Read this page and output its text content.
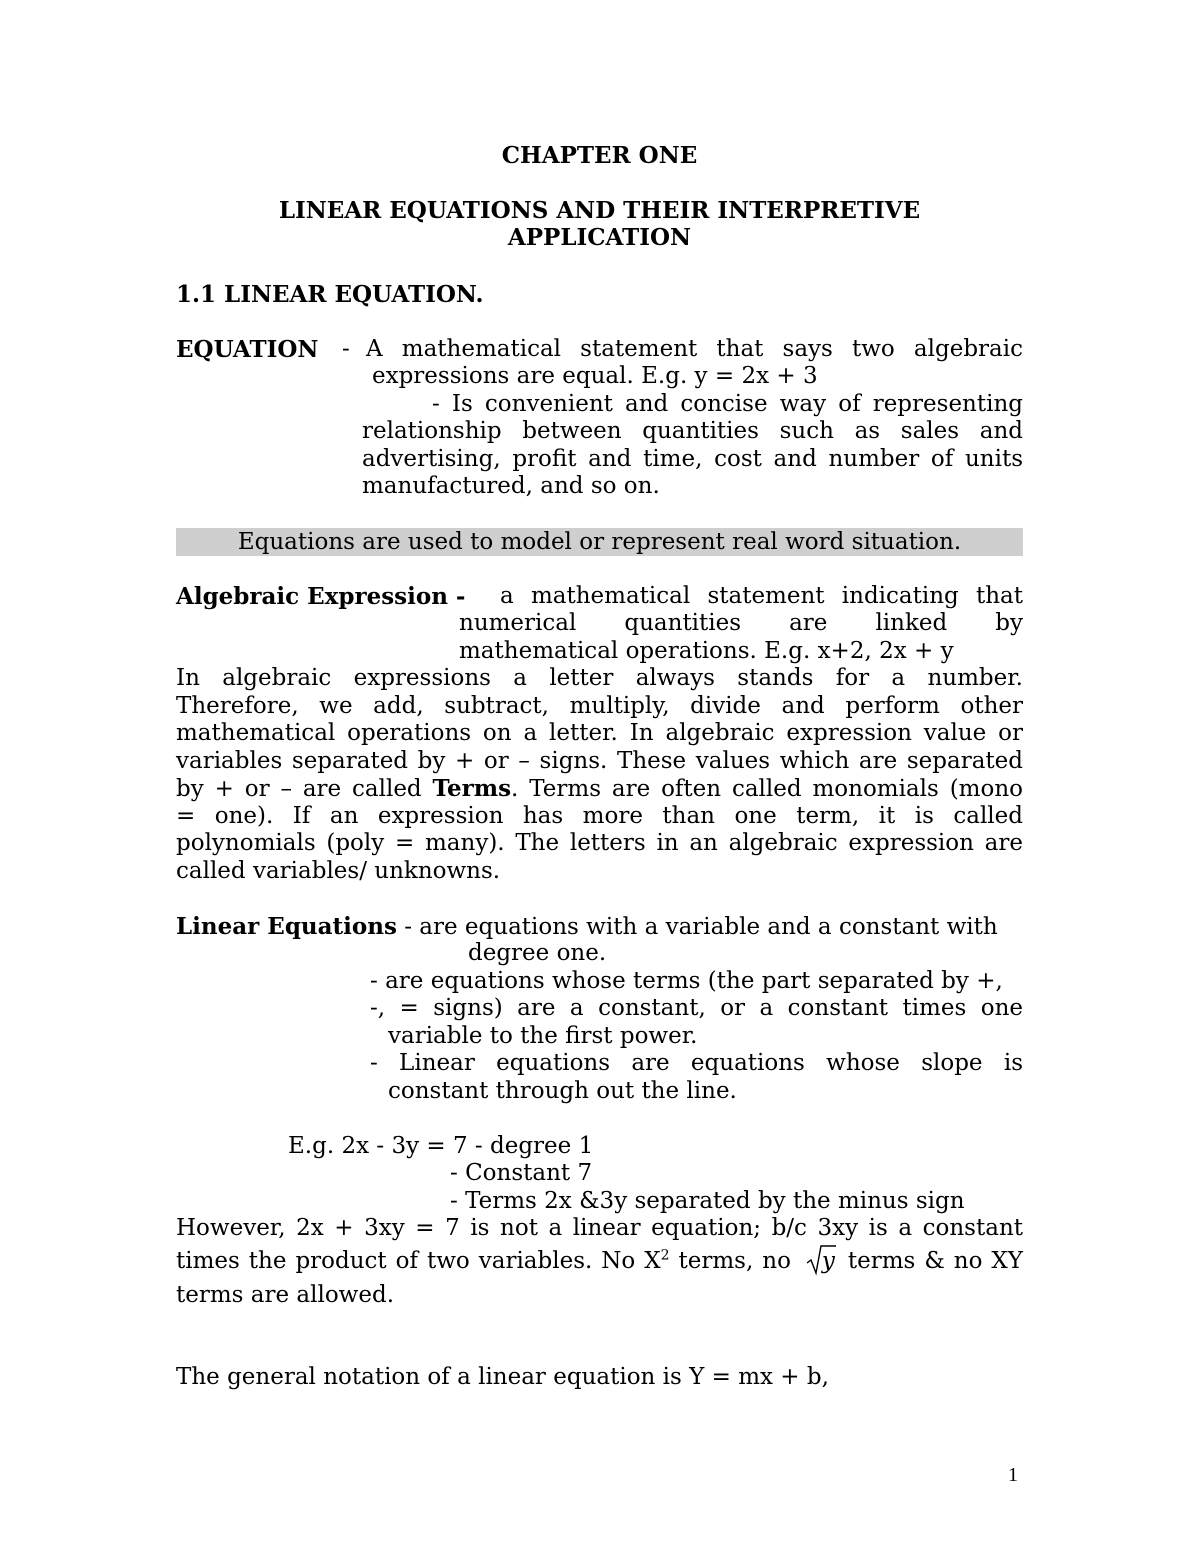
CHAPTER ONE
LINEAR EQUATIONS AND THEIR INTERPRETIVE
APPLICATION
1.1 LINEAR EQUATION.
EQUATION - A mathematical statement that says two algebraic
expressions are equal. E.g. y = 2x + 3
- Is convenient and concise way of representing
relationship between quantities such as sales and
advertising, profit and time, cost and number of units
manufactured, and so on.
Equations are used to model or represent real word situation.
Algebraic Expression - a mathematical statement indicating that
numerical quantities are linked by
mathematical operations. E.g. x+2, 2x + y
In algebraic expressions a letter always stands for a number.
Therefore, we add, subtract, multiply, divide and perform other
mathematical operations on a letter. In algebraic expression value or
variables separated by + or – signs. These values which are separated
by + or – are called Terms. Terms are often called monomials (mono
= one). If an expression has more than one term, it is called
polynomials (poly = many). The letters in an algebraic expression are
called variables/ unknowns.
Linear Equations - are equations with a variable and a constant with
degree one.
- are equations whose terms (the part separated by +,
-, = signs) are a constant, or a constant times one
variable to the first power.
- Linear equations are equations whose slope is
constant through out the line.
E.g. 2x - 3y = 7 - degree 1
- Constant 7
- Terms 2x &3y separated by the minus sign
However, 2x + 3xy = 7 is not a linear equation; b/c 3xy is a constant
times the product of two variables. No $X^2$ terms, no
y terms & no XY
terms are allowed.
The general notation of a linear equation is Y = mx + b,
1
